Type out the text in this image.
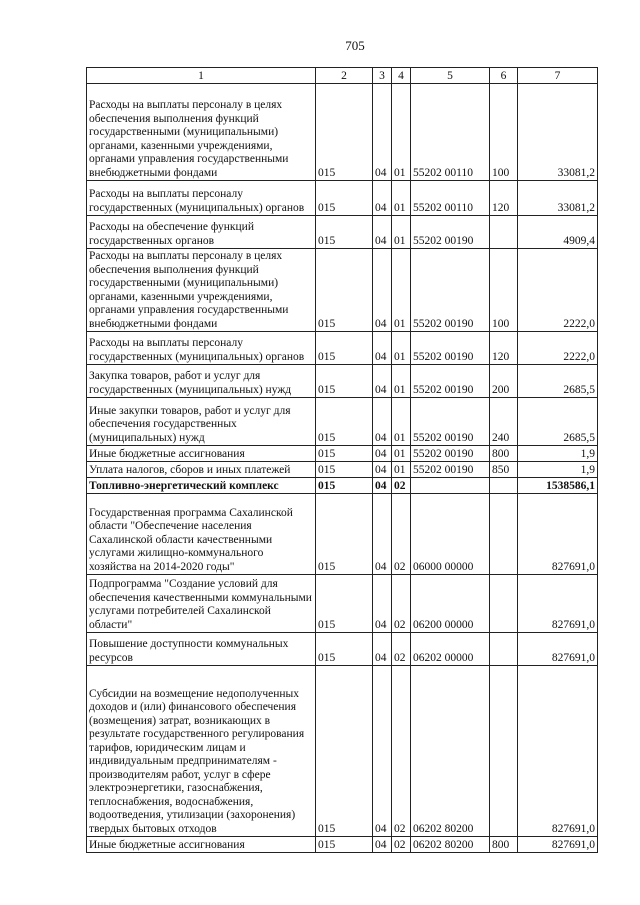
705
1	2	3	4	5	6	7
Расходы на выплаты персоналу в целях обеспечения выполнения функций государственными (муниципальными) органами, казенными учреждениями, органами управления государственными внебюджетными фондами	015	04	01	55202 00110	100	33081,2
Расходы на выплаты персоналу государственных (муниципальных) органов	015	04	01	55202 00110	120	33081,2
Расходы на обеспечение функций государственных органов	015	04	01	55202 00190		4909,4
Расходы на выплаты персоналу в целях обеспечения выполнения функций государственными (муниципальными) органами, казенными учреждениями, органами управления государственными внебюджетными фондами	015	04	01	55202 00190	100	2222,0
Расходы на выплаты персоналу государственных (муниципальных) органов	015	04	01	55202 00190	120	2222,0
Закупка товаров, работ и услуг для государственных (муниципальных) нужд	015	04	01	55202 00190	200	2685,5
Иные закупки товаров, работ и услуг для обеспечения государственных (муниципальных) нужд	015	04	01	55202 00190	240	2685,5
Иные бюджетные ассигнования	015	04	01	55202 00190	800	1,9
Уплата налогов, сборов и иных платежей	015	04	01	55202 00190	850	1,9
Топливно-энергетический комплекс	015	04	02			1538586,1
Государственная программа Сахалинской области "Обеспечение населения Сахалинской области качественными услугами жилищно-коммунального хозяйства на 2014-2020 годы"	015	04	02	06000 00000		827691,0
Подпрограмма "Создание условий для обеспечения качественными коммунальными услугами потребителей Сахалинской области"	015	04	02	06200 00000		827691,0
Повышение доступности коммунальных ресурсов	015	04	02	06202 00000		827691,0
Субсидии на возмещение недополученных доходов и (или) финансового обеспечения (возмещения) затрат, возникающих в результате государственного регулирования тарифов, юридическим лицам и индивидуальным предпринимателям - производителям работ, услуг в сфере электроэнергетики, газоснабжения, теплоснабжения, водоснабжения, водоотведения, утилизации (захоронения) твердых бытовых отходов	015	04	02	06202 80200		827691,0
Иные бюджетные ассигнования	015	04	02	06202 80200	800	827691,0
